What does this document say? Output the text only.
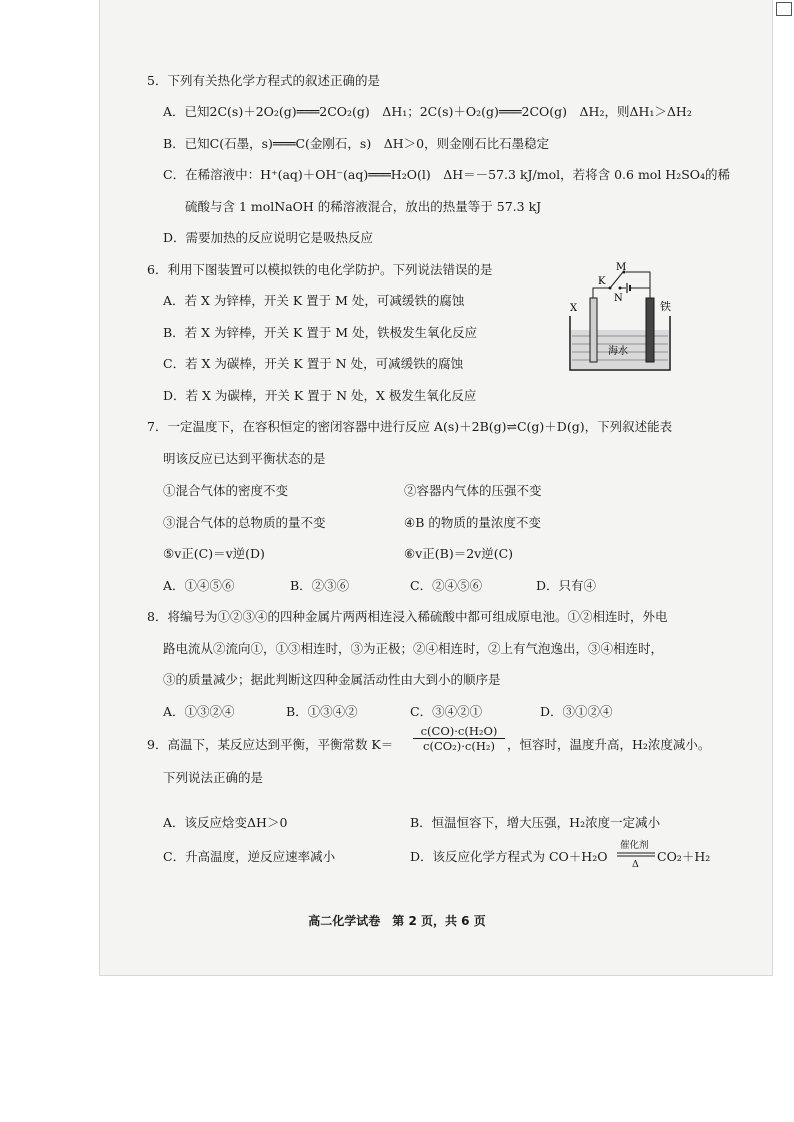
5．下列有关热化学方程式的叙述正确的是
A．已知2C(s)＋2O₂(g)═══2CO₂(g)　ΔH₁；2C(s)＋O₂(g)═══2CO(g)　ΔH₂，则ΔH₁＞ΔH₂
B．已知C(石墨，s)═══C(金刚石，s)　ΔH＞0，则金刚石比石墨稳定
C．在稀溶液中：H⁺(aq)＋OH⁻(aq)═══H₂O(l)　ΔH＝－57.3 kJ/mol，若将含 0.6 mol H₂SO₄的稀
硫酸与含 1 molNaOH 的稀溶液混合，放出的热量等于 57.3 kJ
D．需要加热的反应说明它是吸热反应
6．利用下图装置可以模拟铁的电化学防护。下列说法错误的是
A．若 X 为锌棒，开关 K 置于 M 处，可减缓铁的腐蚀
B．若 X 为锌棒，开关 K 置于 M 处，铁极发生氧化反应
C．若 X 为碳棒，开关 K 置于 N 处，可减缓铁的腐蚀
D．若 X 为碳棒，开关 K 置于 N 处，X 极发生氧化反应
M
K
N
X	铁
海水
7．一定温度下，在容积恒定的密闭容器中进行反应 A(s)＋2B(g)⇌C(g)＋D(g)，下列叙述能表
明该反应已达到平衡状态的是
①混合气体的密度不变	②容器内气体的压强不变
③混合气体的总物质的量不变	④B 的物质的量浓度不变
⑤v正(C)＝v逆(D)	⑥v正(B)＝2v逆(C)
A．①④⑤⑥	B．②③⑥	C．②④⑤⑥	D．只有④
8．将编号为①②③④的四种金属片两两相连浸入稀硫酸中都可组成原电池。①②相连时，外电
路电流从②流向①，①③相连时，③为正极；②④相连时，②上有气泡逸出，③④相连时，
③的质量减少；据此判断这四种金属活动性由大到小的顺序是
A．①③②④	B．①③④②	C．③④②①	D．③①②④
9．高温下，某反应达到平衡，平衡常数 $K= \frac{\text{c(CO)·c(H₂O)}}{\text{c(CO₂)·c(H₂)}}$ ，恒容时，温度升高，H₂浓度减小。
下列说法正确的是
A．该反应焓变ΔH＞0	B．恒温恒容下，增大压强，H₂浓度一定减小
C．升高温度，逆反应速率减小	D．该反应化学方程式为 CO＋H₂O
催化剂
Δ
CO₂＋H₂
高二化学试卷　第 2 页，共 6 页
